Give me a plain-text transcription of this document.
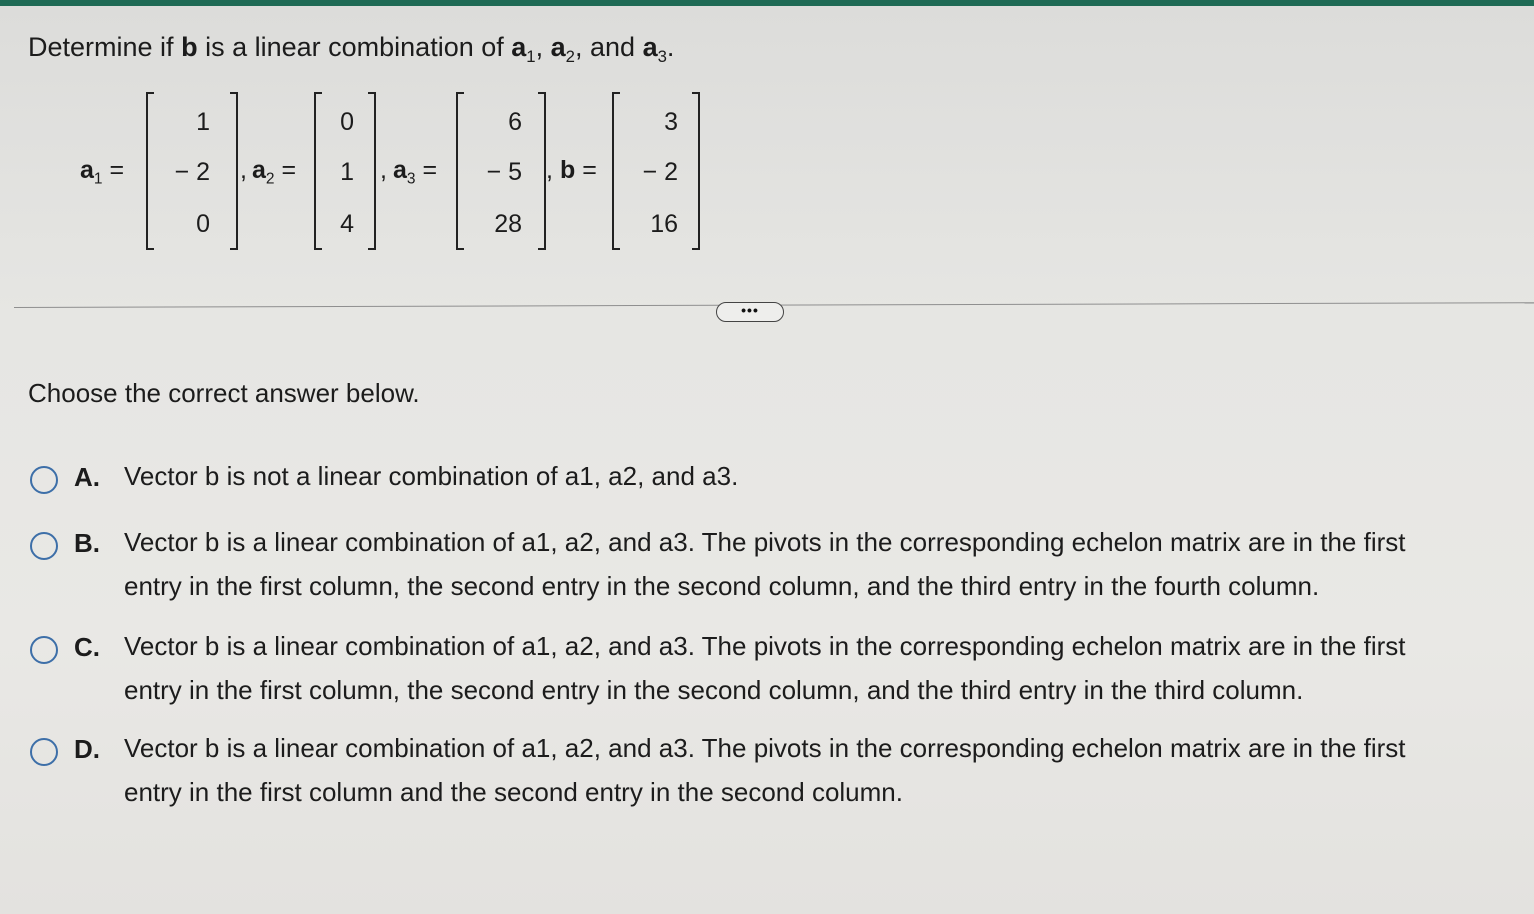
Determine if b is a linear combination of $a_1$, $a_2$, and $a_3$.
$a_1$ =
1
− 2
0
, $a_2$ =
0
1
4
, $a_3$ =
6
− 5
28
, b =
3
− 2
16
•••
Choose the correct answer below.
A. Vector b is not a linear combination of a1, a2, and a3.
B. Vector b is a linear combination of a1, a2, and a3. The pivots in the corresponding echelon matrix are in the first
entry in the first column, the second entry in the second column, and the third entry in the fourth column.
C. Vector b is a linear combination of a1, a2, and a3. The pivots in the corresponding echelon matrix are in the first
entry in the first column, the second entry in the second column, and the third entry in the third column.
D. Vector b is a linear combination of a1, a2, and a3. The pivots in the corresponding echelon matrix are in the first
entry in the first column and the second entry in the second column.
